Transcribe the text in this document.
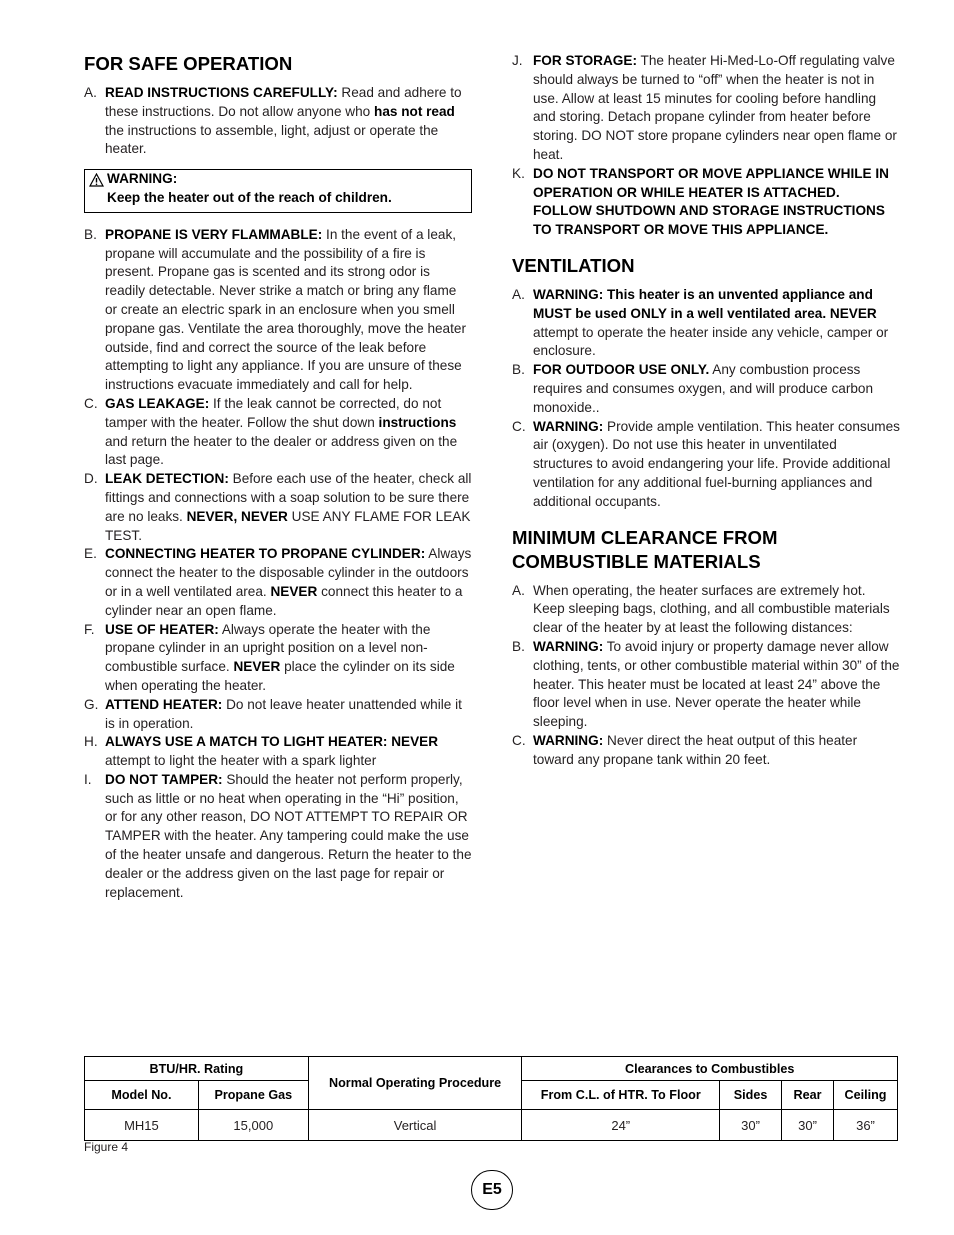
FOR SAFE OPERATION
A. READ INSTRUCTIONS CAREFULLY: Read and adhere to these instructions. Do not allow anyone who has not read the instructions to assemble, light, adjust or operate the heater.
WARNING:
Keep the heater out of the reach of children.
B. PROPANE IS VERY FLAMMABLE: In the event of a leak, propane will accumulate and the possibility of a fire is present. Propane gas is scented and its strong odor is readily detectable. Never strike a match or bring any flame or create an electric spark in an enclosure when you smell propane gas. Ventilate the area thoroughly, move the heater outside, find and correct the source of the leak before attempting to light any appliance. If you are unsure of these instructions evacuate immediately and call for help.
C. GAS LEAKAGE: If the leak cannot be corrected, do not tamper with the heater. Follow the shut down instructions and return the heater to the dealer or address given on the last page.
D. LEAK DETECTION: Before each use of the heater, check all fittings and connections with a soap solution to be sure there are no leaks. NEVER, NEVER USE ANY FLAME FOR LEAK TEST.
E. CONNECTING HEATER TO PROPANE CYLINDER: Always connect the heater to the disposable cylinder in the outdoors or in a well ventilated area. NEVER connect this heater to a cylinder near an open flame.
F. USE OF HEATER: Always operate the heater with the propane cylinder in an upright position on a level non-combustible surface. NEVER place the cylinder on its side when operating the heater.
G. ATTEND HEATER: Do not leave heater unattended while it is in operation.
H. ALWAYS USE A MATCH TO LIGHT HEATER: NEVER attempt to light the heater with a spark lighter
I. DO NOT TAMPER: Should the heater not perform properly, such as little or no heat when operating in the “Hi” position, or for any other reason, DO NOT ATTEMPT TO REPAIR OR TAMPER with the heater. Any tampering could make the use of the heater unsafe and dangerous. Return the heater to the dealer or the address given on the last page for repair or replacement.
J. FOR STORAGE: The heater Hi-Med-Lo-Off regulating valve should always be turned to “off” when the heater is not in use. Allow at least 15 minutes for cooling before handling and storing. Detach propane cylinder from heater before storing. DO NOT store propane cylinders near open flame or heat.
K. DO NOT TRANSPORT OR MOVE APPLIANCE WHILE IN OPERATION OR WHILE HEATER IS ATTACHED. FOLLOW SHUTDOWN AND STORAGE INSTRUCTIONS TO TRANSPORT OR MOVE THIS APPLIANCE.
VENTILATION
A. WARNING: This heater is an unvented appliance and MUST be used ONLY in a well ventilated area. NEVER attempt to operate the heater inside any vehicle, camper or enclosure.
B. FOR OUTDOOR USE ONLY. Any combustion process requires and consumes oxygen, and will produce carbon monoxide..
C. WARNING: Provide ample ventilation. This heater consumes air (oxygen). Do not use this heater in unventilated structures to avoid endangering your life. Provide additional ventilation for any additional fuel-burning appliances and additional occupants.
MINIMUM CLEARANCE FROM COMBUSTIBLE MATERIALS
A. When operating, the heater surfaces are extremely hot. Keep sleeping bags, clothing, and all combustible materials clear of the heater by at least the following distances:
B. WARNING: To avoid injury or property damage never allow clothing, tents, or other combustible material within 30” of the heater. This heater must be located at least 24” above the floor level when in use. Never operate the heater while sleeping.
C. WARNING: Never direct the heat output of this heater toward any propane tank within 20 feet.
BTU/HR. Rating		Normal Operating Procedure	Clearances to Combustibles			
Model No.	Propane Gas		From C.L. of HTR. To Floor	Sides	Rear	Ceiling
MH15	15,000	Vertical	24”	30”	30”	36”
Figure 4
E5
